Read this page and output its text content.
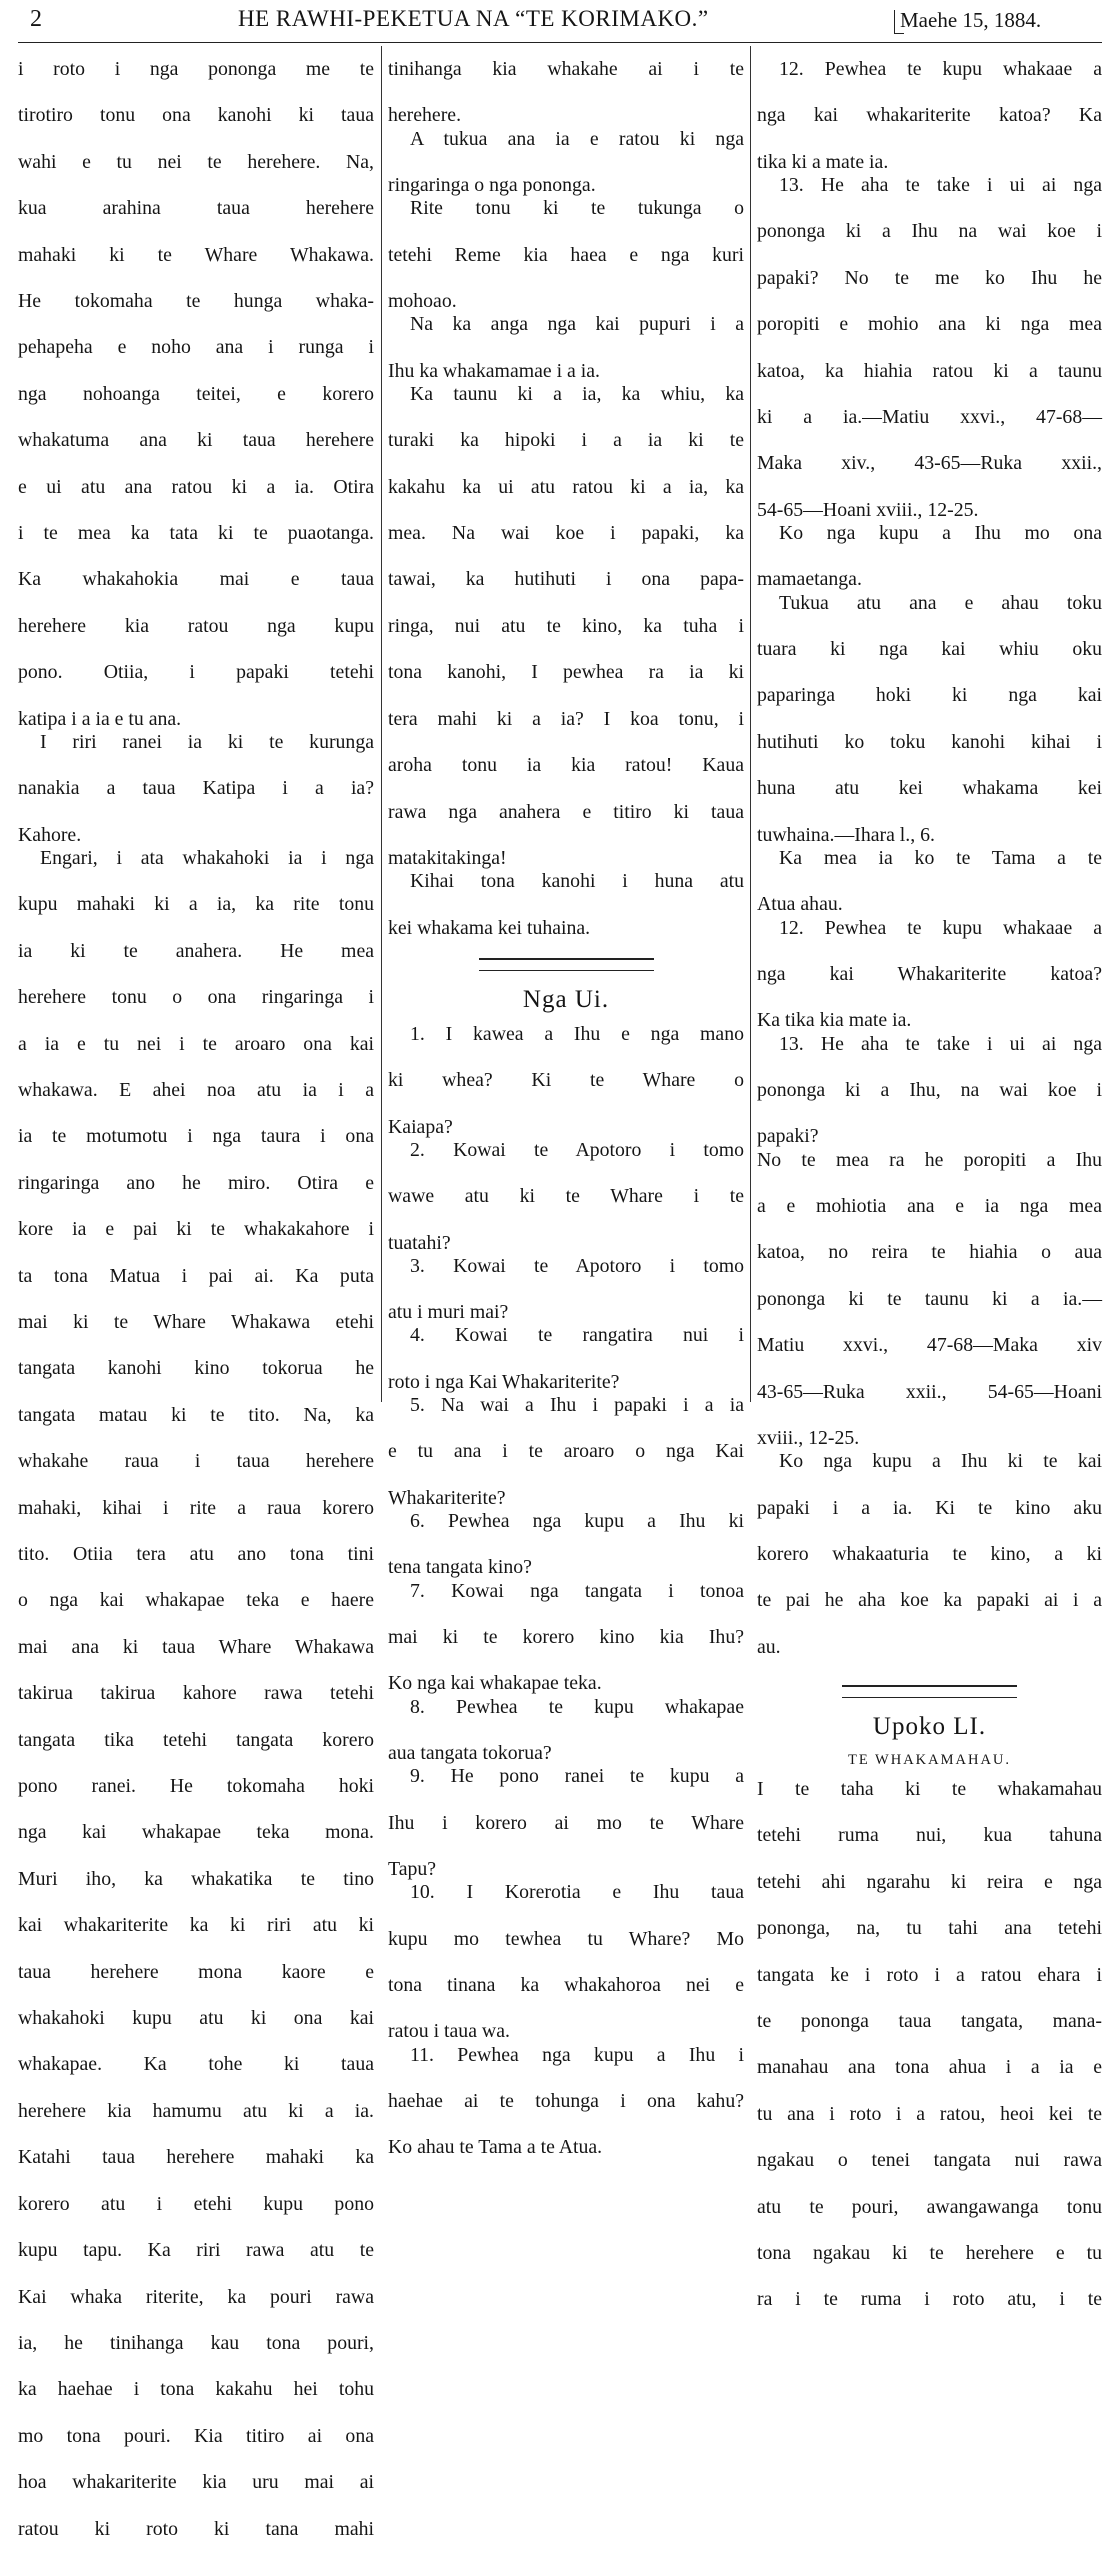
2	HE RAWHI-PEKETUA NA “TE KORIMAKO.”	Maehe 15, 1884.

i roto i nga pononga me te

tirotiro tonu ona kanohi ki taua

wahi e tu nei te herehere. Na,

kua arahina taua herehere

mahaki ki te Whare Whakawa.

He tokomaha te hunga whaka-

pehapeha e noho ana i runga i

nga nohoanga teitei, e korero

whakatuma ana ki taua herehere

e ui atu ana ratou ki a ia. Otira

i te mea ka tata ki te puaotanga.

Ka whakahokia mai e taua

herehere kia ratou nga kupu

pono. Otiia, i papaki tetehi

katipa i a ia e tu ana.

I riri ranei ia ki te kurunga

nanakia a taua Katipa i a ia?

Kahore.

Engari, i ata whakahoki ia i nga

kupu mahaki ki a ia, ka rite tonu

ia ki te anahera. He mea

herehere tonu o ona ringaringa i

a ia e tu nei i te aroaro ona kai

whakawa. E ahei noa atu ia i a

ia te motumotu i nga taura i ona

ringaringa ano he miro. Otira e

kore ia e pai ki te whakakahore i

ta tona Matua i pai ai. Ka puta

mai ki te Whare Whakawa etehi

tangata kanohi kino tokorua he

tangata matau ki te tito. Na, ka

whakahe raua i taua herehere

mahaki, kihai i rite a raua korero

tito. Otiia tera atu ano tona tini

o nga kai whakapae teka e haere

mai ana ki taua Whare Whakawa

takirua takirua kahore rawa tetehi

tangata tika tetehi tangata korero

pono ranei. He tokomaha hoki

nga kai whakapae teka mona.

Muri iho, ka whakatika te tino

kai whakariterite ka ki riri atu ki

taua herehere mona kaore e

whakahoki kupu atu ki ona kai

whakapae. Ka tohe ki taua

herehere kia hamumu atu ki a ia.

Katahi taua herehere mahaki ka

korero atu i etehi kupu pono

kupu tapu. Ka riri rawa atu te

Kai whaka riterite, ka pouri rawa

ia, he tinihanga kau tona pouri,

ka haehae i tona kakahu hei tohu

mo tona pouri. Kia titiro ai ona

hoa whakariterite kia uru mai ai

ratou ki roto ki tana mahi

tinihanga kia whakahe ai i te

herehere.

A tukua ana ia e ratou ki nga

ringaringa o nga pononga.

Rite tonu ki te tukunga o

tetehi Reme kia haea e nga kuri

mohoao.

Na ka anga nga kai pupuri i a

Ihu ka whakamamae i a ia.

Ka taunu ki a ia, ka whiu, ka

turaki ka hipoki i a ia ki te

kakahu ka ui atu ratou ki a ia, ka

mea. Na wai koe i papaki, ka

tawai, ka hutihuti i ona papa-

ringa, nui atu te kino, ka tuha i

tona kanohi, I pewhea ra ia ki

tera mahi ki a ia? I koa tonu, i

aroha tonu ia kia ratou! Kaua

rawa nga anahera e titiro ki taua

matakitakinga!

Kihai tona kanohi i huna atu

kei whakama kei tuhaina.

Nga Ui.

1. I kawea a Ihu e nga mano

ki whea? Ki te Whare o

Kaiapa?

2. Kowai te Apotoro i tomo

wawe atu ki te Whare i te

tuatahi?

3. Kowai te Apotoro i tomo

atu i muri mai?

4. Kowai te rangatira nui i

roto i nga Kai Whakariterite?

5. Na wai a Ihu i papaki i a ia

e tu ana i te aroaro o nga Kai

Whakariterite?

6. Pewhea nga kupu a Ihu ki

tena tangata kino?

7. Kowai nga tangata i tonoa

mai ki te korero kino kia Ihu?

Ko nga kai whakapae teka.

8. Pewhea te kupu whakapae

aua tangata tokorua?

9. He pono ranei te kupu a

Ihu i korero ai mo te Whare

Tapu?

10. I Korerotia e Ihu taua

kupu mo tewhea tu Whare? Mo

tona tinana ka whakahoroa nei e

ratou i taua wa.

11. Pewhea nga kupu a Ihu i

haehae ai te tohunga i ona kahu?

Ko ahau te Tama a te Atua.

12. Pewhea te kupu whakaae a

nga kai whakariterite katoa? Ka

tika ki a mate ia.

13. He aha te take i ui ai nga

pononga ki a Ihu na wai koe i

papaki? No te me ko Ihu he

poropiti e mohio ana ki nga mea

katoa, ka hiahia ratou ki a taunu

ki a ia.—Matiu xxvi., 47-68—

Maka xiv., 43-65—Ruka xxii.,

54-65—Hoani xviii., 12-25.

Ko nga kupu a Ihu mo ona

mamaetanga.

Tukua atu ana e ahau toku

tuara ki nga kai whiu oku

paparinga hoki ki nga kai

hutihuti ko toku kanohi kihai i

huna atu kei whakama kei

tuwhaina.—Ihara l., 6.

Ka mea ia ko te Tama a te

Atua ahau.

12. Pewhea te kupu whakaae a

nga kai Whakariterite katoa?

Ka tika kia mate ia.

13. He aha te take i ui ai nga

pononga ki a Ihu, na wai koe i

papaki?

No te mea ra he poropiti a Ihu

a e mohiotia ana e ia nga mea

katoa, no reira te hiahia o aua

pononga ki te taunu ki a ia.—

Matiu xxvi., 47-68—Maka xiv

43-65—Ruka xxii., 54-65—Hoani

xviii., 12-25.

Ko nga kupu a Ihu ki te kai

papaki i a ia. Ki te kino aku

korero whakaaturia te kino, a ki

te pai he aha koe ka papaki ai i a

au.

Upoko LI.
TE WHAKAMAHAU.

I te taha ki te whakamahau

tetehi ruma nui, kua tahuna

tetehi ahi ngarahu ki reira e nga

pononga, na, tu tahi ana tetehi

tangata ke i roto i a ratou ehara i

te pononga taua tangata, mana-

manahau ana tona ahua i a ia e

tu ana i roto i a ratou, heoi kei te

ngakau o tenei tangata nui rawa

atu te pouri, awangawanga tonu

tona ngakau ki te herehere e tu

ra i te ruma i roto atu, i te
